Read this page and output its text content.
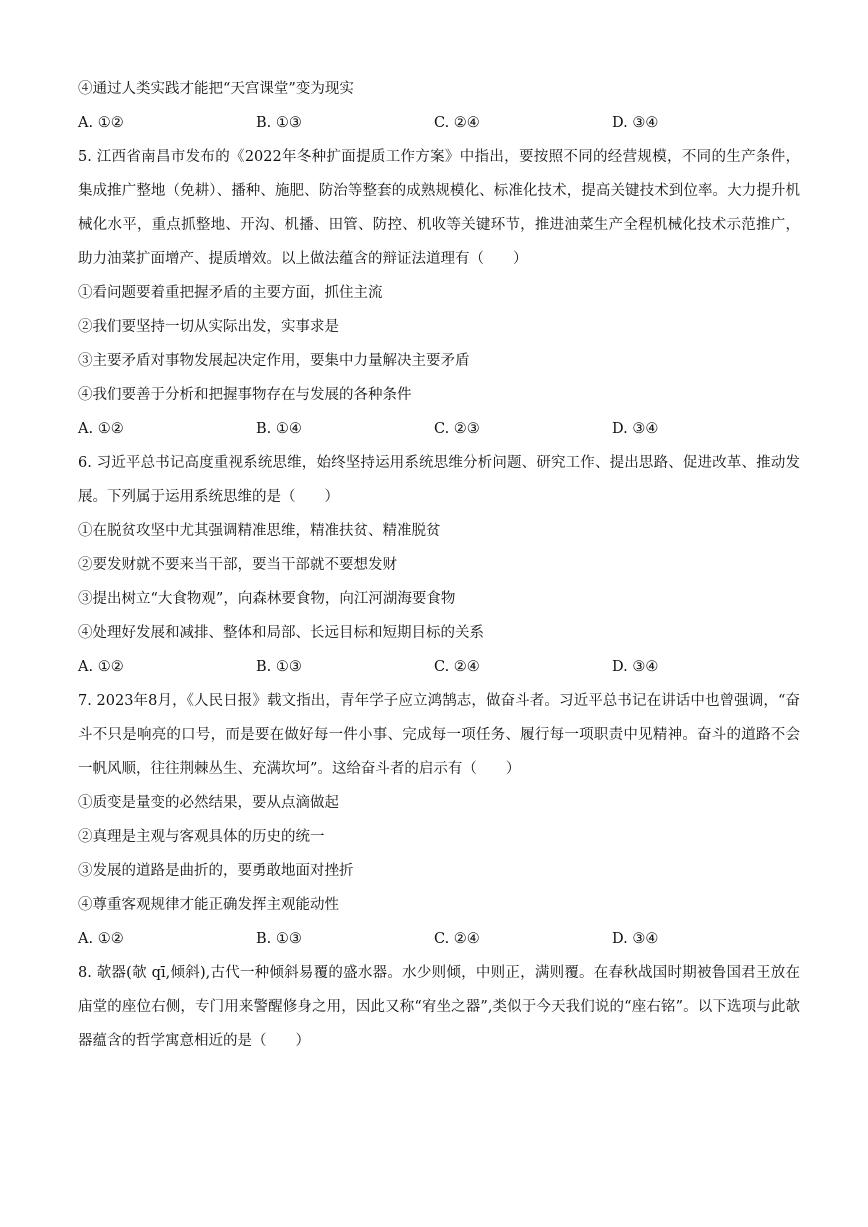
④通过人类实践才能把“天宫课堂”变为现实
A. ①②	B. ①③	C. ②④	D. ③④
5. 江西省南昌市发布的《2022年冬种扩面提质工作方案》中指出，要按照不同的经营规模，不同的生产条件，集成推广整地（免耕）、播种、施肥、防治等整套的成熟规模化、标准化技术，提高关键技术到位率。大力提升机械化水平，重点抓整地、开沟、机播、田管、防控、机收等关键环节，推进油菜生产全程机械化技术示范推广，助力油菜扩面增产、提质增效。以上做法蕴含的辩证法道理有（　　）
①看问题要着重把握矛盾的主要方面，抓住主流
②我们要坚持一切从实际出发，实事求是
③主要矛盾对事物发展起决定作用，要集中力量解决主要矛盾
④我们要善于分析和把握事物存在与发展的各种条件
A. ①②	B. ①④	C. ②③	D. ③④
6. 习近平总书记高度重视系统思维，始终坚持运用系统思维分析问题、研究工作、提出思路、促进改革、推动发展。下列属于运用系统思维的是（　　）
①在脱贫攻坚中尤其强调精准思维，精准扶贫、精准脱贫
②要发财就不要来当干部，要当干部就不要想发财
③提出树立“大食物观”，向森林要食物，向江河湖海要食物
④处理好发展和减排、整体和局部、长远目标和短期目标的关系
A. ①②	B. ①③	C. ②④	D. ③④
7. 2023年8月，《人民日报》载文指出，青年学子应立鸿鹄志，做奋斗者。习近平总书记在讲话中也曾强调，“奋斗不只是响亮的口号，而是要在做好每一件小事、完成每一项任务、履行每一项职责中见精神。奋斗的道路不会一帆风顺，往往荆棘丛生、充满坎坷”。这给奋斗者的启示有（　　）
①质变是量变的必然结果，要从点滴做起
②真理是主观与客观具体的历史的统一
③发展的道路是曲折的，要勇敢地面对挫折
④尊重客观规律才能正确发挥主观能动性
A. ①②	B. ①③	C. ②④	D. ③④
8. 欹器(欹 qī,倾斜),古代一种倾斜易覆的盛水器。水少则倾，中则正，满则覆。在春秋战国时期被鲁国君王放在庙堂的座位右侧，专门用来警醒修身之用，因此又称“宥坐之器”,类似于今天我们说的“座右铭”。以下选项与此欹器蕴含的哲学寓意相近的是（　　）
